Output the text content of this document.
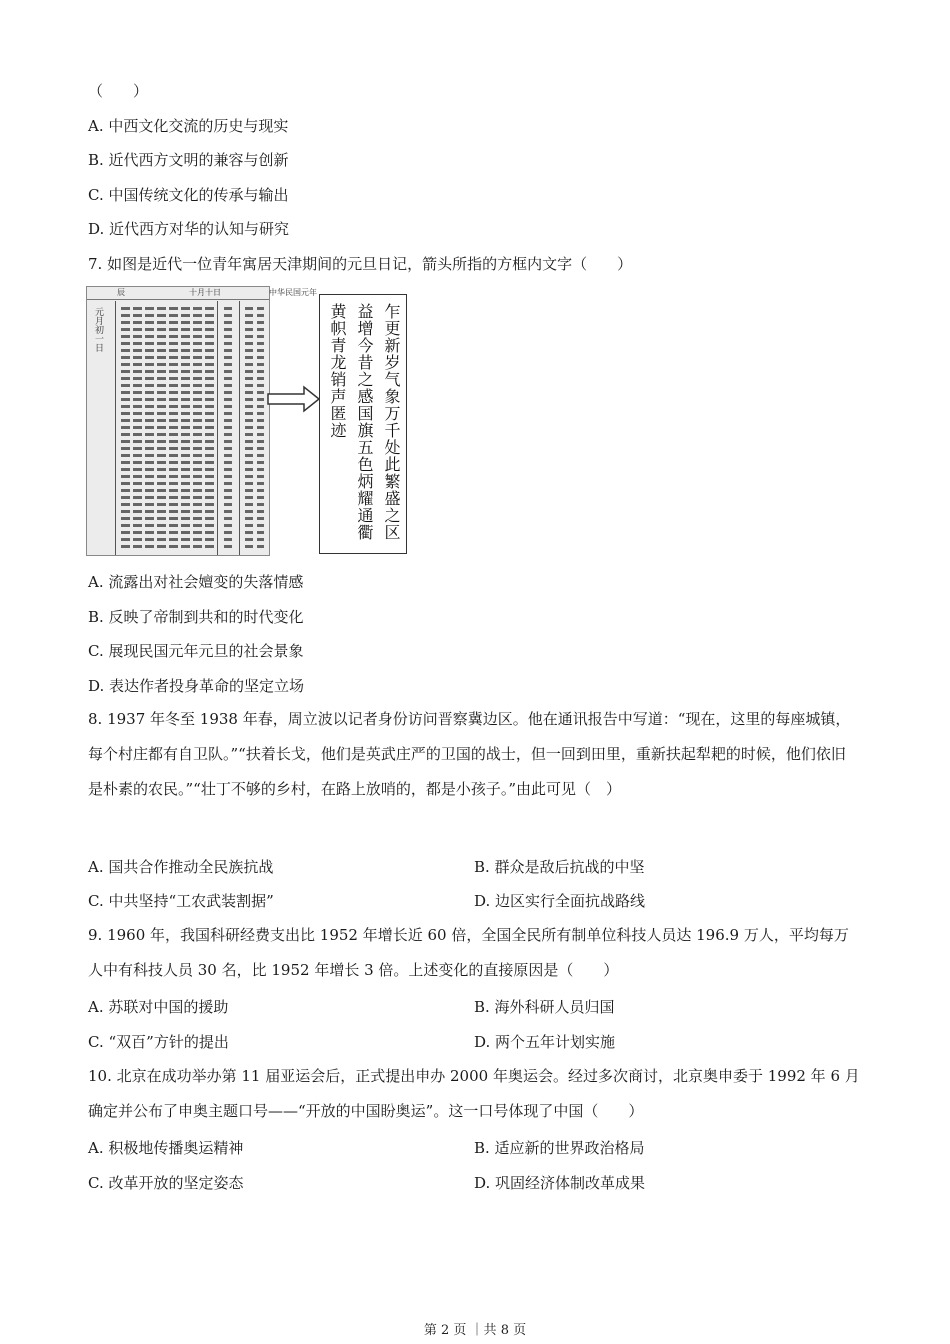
（　　）
A. 中西文化交流的历史与现实
B. 近代西方文明的兼容与创新
C. 中国传统文化的传承与输出
D. 近代西方对华的认知与研究
7. 如图是近代一位青年寓居天津期间的元旦日记，箭头所指的方框内文字（　　）
辰　　　　　　　　十月十日　　　　　　中华民国元年
元月初一日	乍更新岁气象万千处此繁盛之区
益增今昔之感国旗五色炳耀通衢
黄帜青龙销声匿迹
A. 流露出对社会嬗变的失落情感
B. 反映了帝制到共和的时代变化
C. 展现民国元年元旦的社会景象
D. 表达作者投身革命的坚定立场
8. 1937 年冬至 1938 年春，周立波以记者身份访问晋察冀边区。他在通讯报告中写道：“现在，这里的每座城镇，每个村庄都有自卫队。”“扶着长戈，他们是英武庄严的卫国的战士，但一回到田里，重新扶起犁耙的时候，他们依旧是朴素的农民。”“壮丁不够的乡村，在路上放哨的，都是小孩子。”由此可见（　）
A. 国共合作推动全民族抗战	B. 群众是敌后抗战的中坚
C. 中共坚持“工农武装割据”	D. 边区实行全面抗战路线
9. 1960 年，我国科研经费支出比 1952 年增长近 60 倍，全国全民所有制单位科技人员达 196.9 万人，平均每万人中有科技人员 30 名，比 1952 年增长 3 倍。上述变化的直接原因是（　　）
A. 苏联对中国的援助	B. 海外科研人员归国
C. “双百”方针的提出	D. 两个五年计划实施
10. 北京在成功举办第 11 届亚运会后，正式提出申办 2000 年奥运会。经过多次商讨，北京奥申委于 1992 年 6 月确定并公布了申奥主题口号——“开放的中国盼奥运”。这一口号体现了中国（　　）
A. 积极地传播奥运精神	B. 适应新的世界政治格局
C. 改革开放的坚定姿态	D. 巩固经济体制改革成果
第 2 页 ｜共 8 页
